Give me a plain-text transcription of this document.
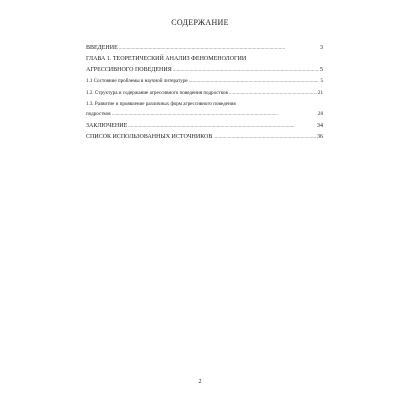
СОДЕРЖАНИЕ
ВВЕДЕНИЕ . . .	3
ГЛАВА 1. ТЕОРЕТИЧЕСКИЙ АНАЛИЗ ФЕНОМЕНОЛОГИИ
АГРЕССИВНОГО ПОВЕДЕНИЯ . . .	5
1.1 Состояние проблемы в научной литературе . . .	5
1.2. Структура и содержание агрессивного поведения подростков . . .	21
1.3. Развитие и проявление различных форм агрессивного поведения
подростков . . .	28
ЗАКЛЮЧЕНИЕ . . .	34
СПИСОК ИСПОЛЬЗОВАННЫХ ИСТОЧНИКОВ . . .	36
2
